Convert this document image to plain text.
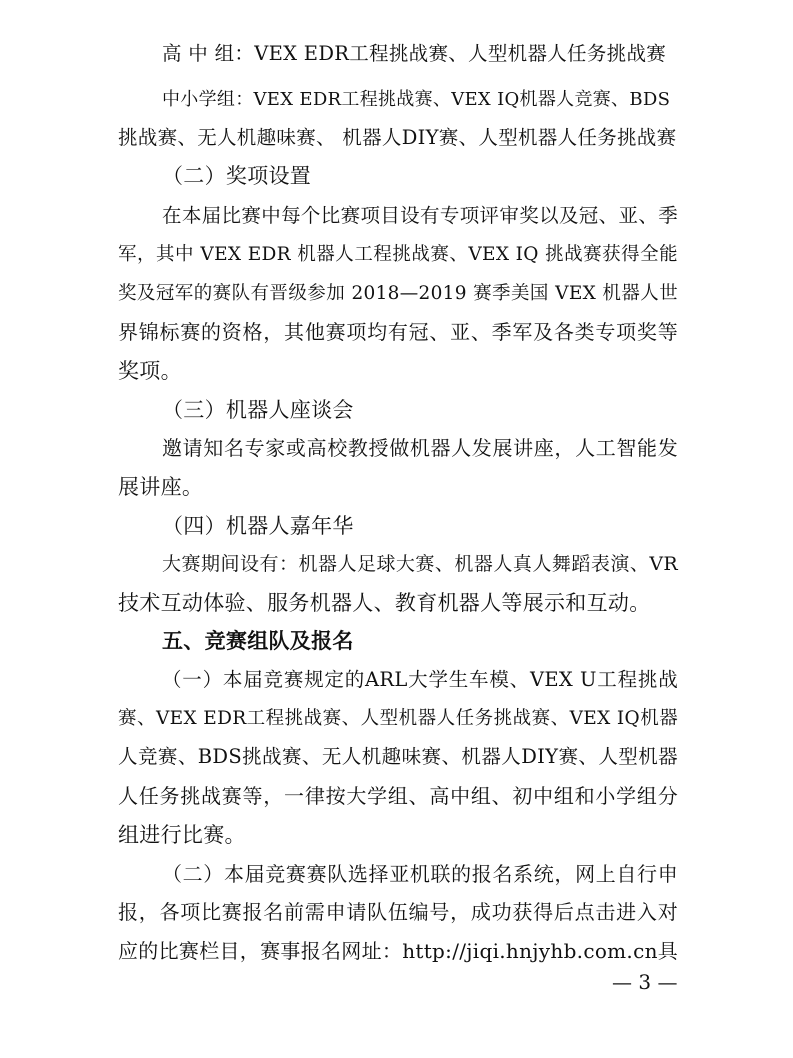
高 中 组：VEX EDR工程挑战赛、人型机器人任务挑战赛
中小学组：VEX EDR工程挑战赛、VEX IQ机器人竞赛、BDS
挑战赛、无人机趣味赛、 机器人DIY赛、人型机器人任务挑战赛
（二）奖项设置
在本届比赛中每个比赛项目设有专项评审奖以及冠、亚、季
军，其中 VEX EDR 机器人工程挑战赛、VEX IQ 挑战赛获得全能
奖及冠军的赛队有晋级参加 2018—2019 赛季美国 VEX 机器人世
界锦标赛的资格，其他赛项均有冠、亚、季军及各类专项奖等
奖项。
（三）机器人座谈会
邀请知名专家或高校教授做机器人发展讲座，人工智能发
展讲座。
（四）机器人嘉年华
大赛期间设有：机器人足球大赛、机器人真人舞蹈表演、VR
技术互动体验、服务机器人、教育机器人等展示和互动。
五、竞赛组队及报名
（一）本届竞赛规定的ARL大学生车模、VEX U工程挑战
赛、VEX EDR工程挑战赛、人型机器人任务挑战赛、VEX IQ机器
人竞赛、BDS挑战赛、无人机趣味赛、机器人DIY赛、人型机器
人任务挑战赛等，一律按大学组、高中组、初中组和小学组分
组进行比赛。
（二）本届竞赛赛队选择亚机联的报名系统，网上自行申
报，各项比赛报名前需申请队伍编号，成功获得后点击进入对
应的比赛栏目，赛事报名网址：http://jiqi.hnjyhb.com.cn具
— 3 —
